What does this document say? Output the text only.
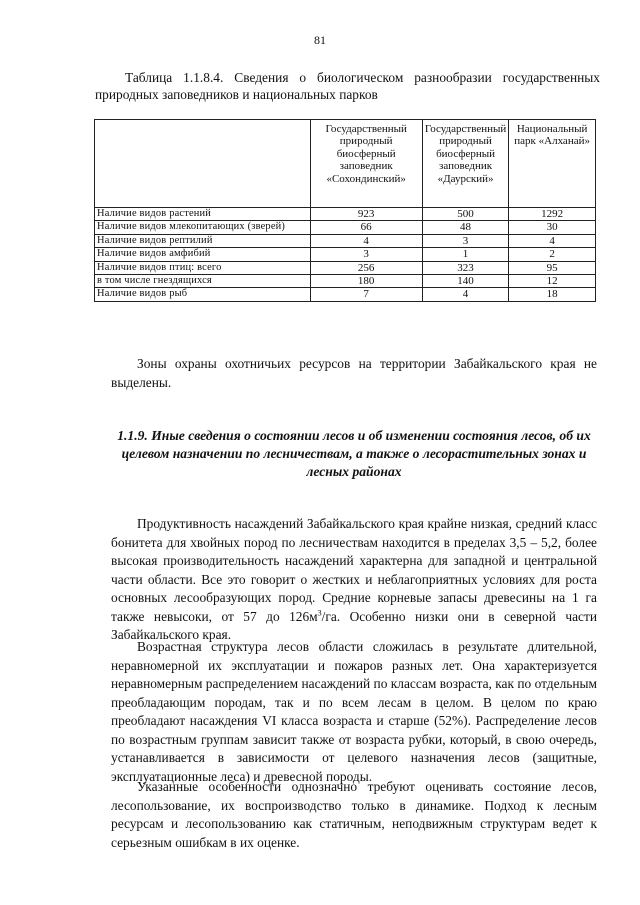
81
Таблица 1.1.8.4. Сведения о биологическом разнообразии государственных природных заповедников и национальных парков
	Государственный природный биосферный заповедник «Сохондинский»	Государственный природный биосферный заповедник «Даурский»	Национальный парк «Алханай»
Наличие видов растений	923	500	1292
Наличие видов млекопитающих (зверей)	66	48	30
Наличие видов рептилий	4	3	4
Наличие видов амфибий	3	1	2
Наличие видов птиц: всего	256	323	95
в том числе гнездящихся	180	140	12
Наличие видов рыб	7	4	18

Зоны охраны охотничьих ресурсов на территории Забайкальского края не выделены.

1.1.9. Иные сведения о состоянии лесов и об изменении состояния лесов, об их целевом назначении по лесничествам, а также о лесорастительных зонах и лесных районах

Продуктивность насаждений Забайкальского края крайне низкая, средний класс бонитета для хвойных пород по лесничествам находится в пределах 3,5 – 5,2, более высокая производительность насаждений характерна для западной и центральной части области. Все это говорит о жестких и неблагоприятных условиях для роста основных лесообразующих пород. Средние корневые запасы древесины на 1 га также невысоки, от 57 до $126м^3/га$. Особенно низки они в северной части Забайкальского края.

Возрастная структура лесов области сложилась в результате длительной, неравномерной их эксплуатации и пожаров разных лет. Она характеризуется неравномерным распределением насаждений по классам возраста, как по отдельным преобладающим породам, так и по всем лесам в целом. В целом по краю преобладают насаждения VI класса возраста и старше (52%). Распределение лесов по возрастным группам зависит также от возраста рубки, который, в свою очередь, устанавливается в зависимости от целевого назначения лесов (защитные, эксплуатационные леса) и древесной породы.

Указанные особенности однозначно требуют оценивать состояние лесов, лесопользование, их воспроизводство только в динамике. Подход к лесным ресурсам и лесопользованию как статичным, неподвижным структурам ведет к серьезным ошибкам в их оценке.
